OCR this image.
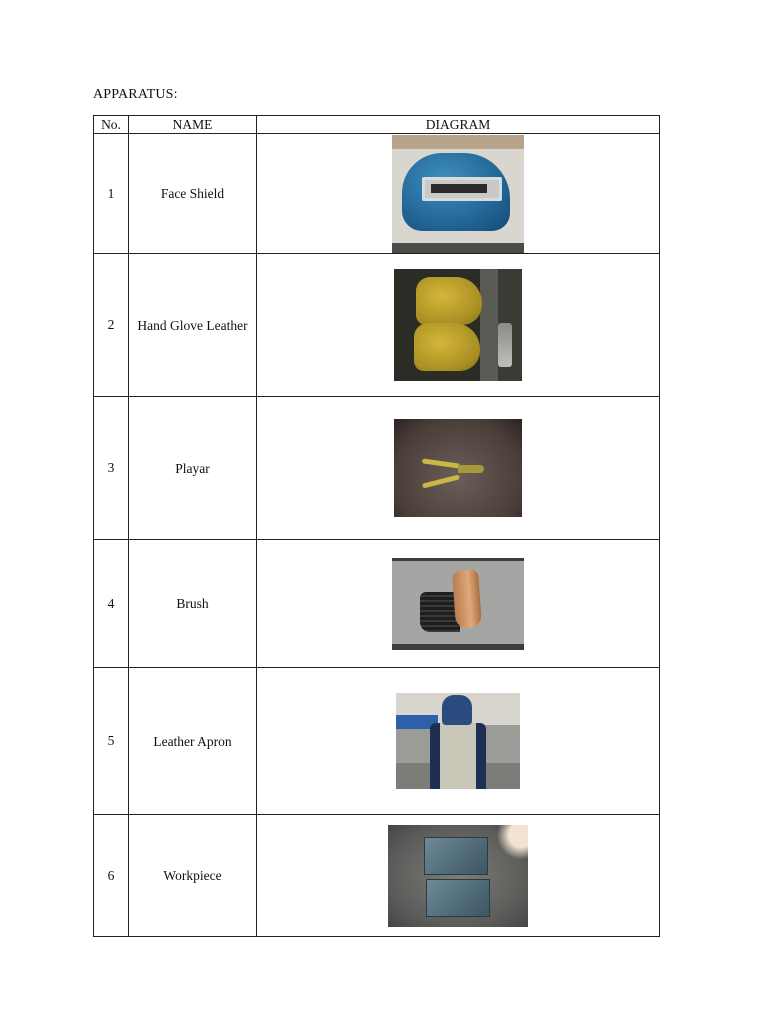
APPARATUS:
No.	NAME	DIAGRAM
1	Face Shield	

2	Hand Glove Leather	

3	Playar	

4	Brush	

5	Leather Apron	

6	Workpiece	
